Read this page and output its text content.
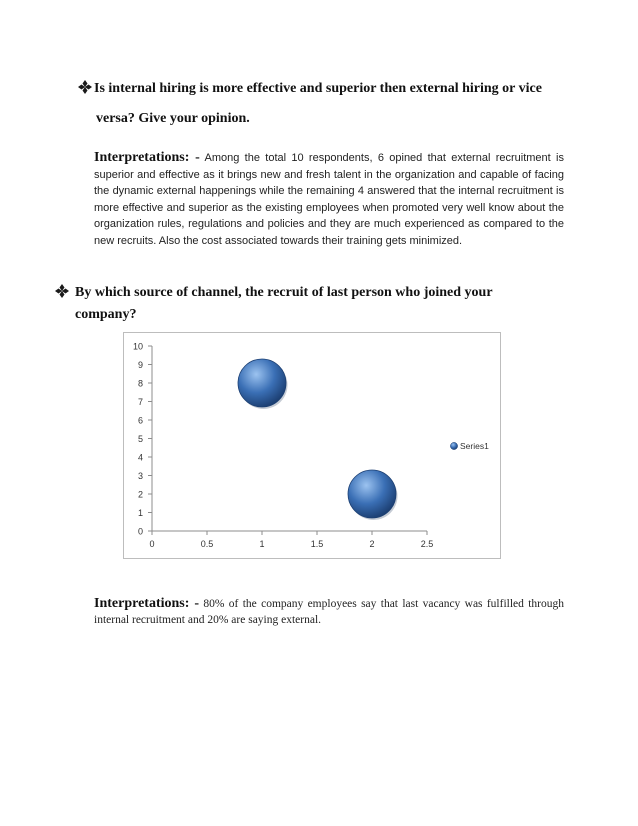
Is internal hiring is more effective and superior then external hiring or vice
versa? Give your opinion.
Interpretations: - Among the total 10 respondents, 6 opined that external recruitment is superior and effective as it brings new and fresh talent in the organization and capable of facing the dynamic external happenings while the remaining 4 answered that the internal recruitment is more effective and superior as the existing employees when promoted very well know about the organization rules, regulations and policies and they are much experienced as compared to the new recruits. Also the cost associated towards their training gets minimized.
By which source of channel, the recruit of last person who joined your
company?
0
1
2
3
4
5
6
7
8
9
10
0	0.5	1	1.5	2	2.5
Series1
Interpretations: - 80% of the company employees say that last vacancy was fulfilled through internal recruitment and 20% are saying external.
